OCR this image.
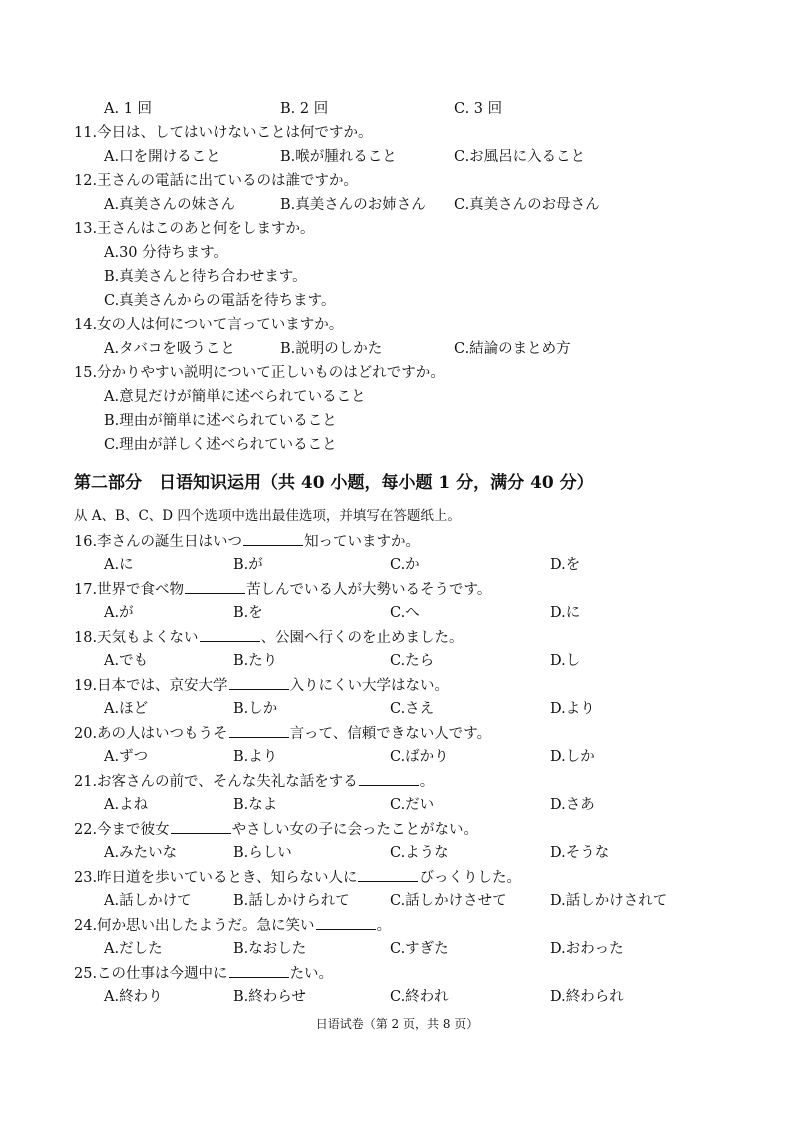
A. 1 回	B. 2 回	C. 3 回
11.今日は、してはいけないことは何ですか。
A.口を開けること	B.喉が腫れること	C.お風呂に入ること
12.王さんの電話に出ているのは誰ですか。
A.真美さんの妹さん	B.真美さんのお姉さん C.真美さんのお母さん
13.王さんはこのあと何をしますか。
A.30 分待ちます。
B.真美さんと待ち合わせます。
C.真美さんからの電話を待ちます。
14.女の人は何について言っていますか。
A.タバコを吸うこと	B.説明のしかた	C.結論のまとめ方
15.分かりやすい説明について正しいものはどれですか。
A.意見だけが簡単に述べられていること
B.理由が簡単に述べられていること
C.理由が詳しく述べられていること
第二部分　日语知识运用（共 40 小题，每小题 1 分，满分 40 分）
从 A、B、C、D 四个选项中选出最佳选项，并填写在答题纸上。
16.李さんの誕生日はいつ	知っていますか。
A.に	B.が	C.か	D.を
17.世界で食べ物	苦しんでいる人が大勢いるそうです。
A.が	B.を	C.へ	D.に
18.天気もよくない	、公園へ行くのを止めました。
A.でも	B.たり	C.たら	D.し
19.日本では、京安大学	入りにくい大学はない。
A.ほど	B.しか	C.さえ	D.より
20.あの人はいつもうそ	言って、信頼できない人です。
A.ずつ	B.より	C.ばかり	D.しか
21.お客さんの前で、そんな失礼な話をする	。
A.よね	B.なよ	C.だい	D.さあ
22.今まで彼女	やさしい女の子に会ったことがない。
A.みたいな	B.らしい	C.ような	D.そうな
23.昨日道を歩いているとき、知らない人に	びっくりした。
A.話しかけて	B.話しかけられて	C.話しかけさせて	D.話しかけされて
24.何か思い出したようだ。急に笑い	。
A.だした	B.なおした	C.すぎた	D.おわった
25.この仕事は今週中に	たい。
A.終わり	B.終わらせ	C.終われ	D.終わられ
日语试卷（第 2 页，共 8 页）
